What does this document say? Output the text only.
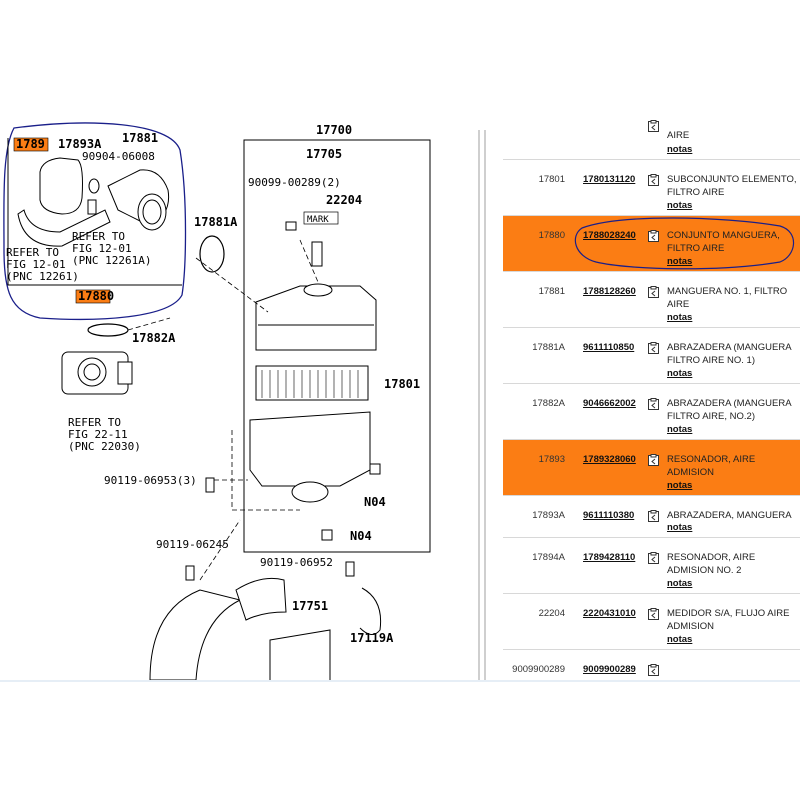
1789 17893A 17881
90904-06008
17881A
17700
17705
90099-00289(2)
22204
MARK
REFER TO
FIG 12-01
(PNC 12261)
REFER TO
FIG 12-01
(PNC 12261A)
17880
17882A
REFER TO
FIG 22-11
(PNC 22030)
17801
90119-06953(3)
N04
N04
90119-06245
90119-06952
17751
17119A
AIRE
notas
17801 1780131120	SUBCONJUNTO ELEMENTO, FILTRO AIRE
notas
17880 1788028240	CONJUNTO MANGUERA, FILTRO AIRE
notas
17881 1788128260	MANGUERA NO. 1, FILTRO AIRE
notas
17881A 9611110850	ABRAZADERA (MANGUERA FILTRO AIRE NO. 1)
notas
17882A 9046662002	ABRAZADERA (MANGUERA FILTRO AIRE, NO.2)
notas
17893 1789328060	RESONADOR, AIRE ADMISION
notas
17893A 9611110380	ABRAZADERA, MANGUERA
notas
17894A 1789428110	RESONADOR, AIRE ADMISION NO. 2
notas
22204 2220431010	MEDIDOR S/A, FLUJO AIRE ADMISION
notas
9009900289 9009900289
